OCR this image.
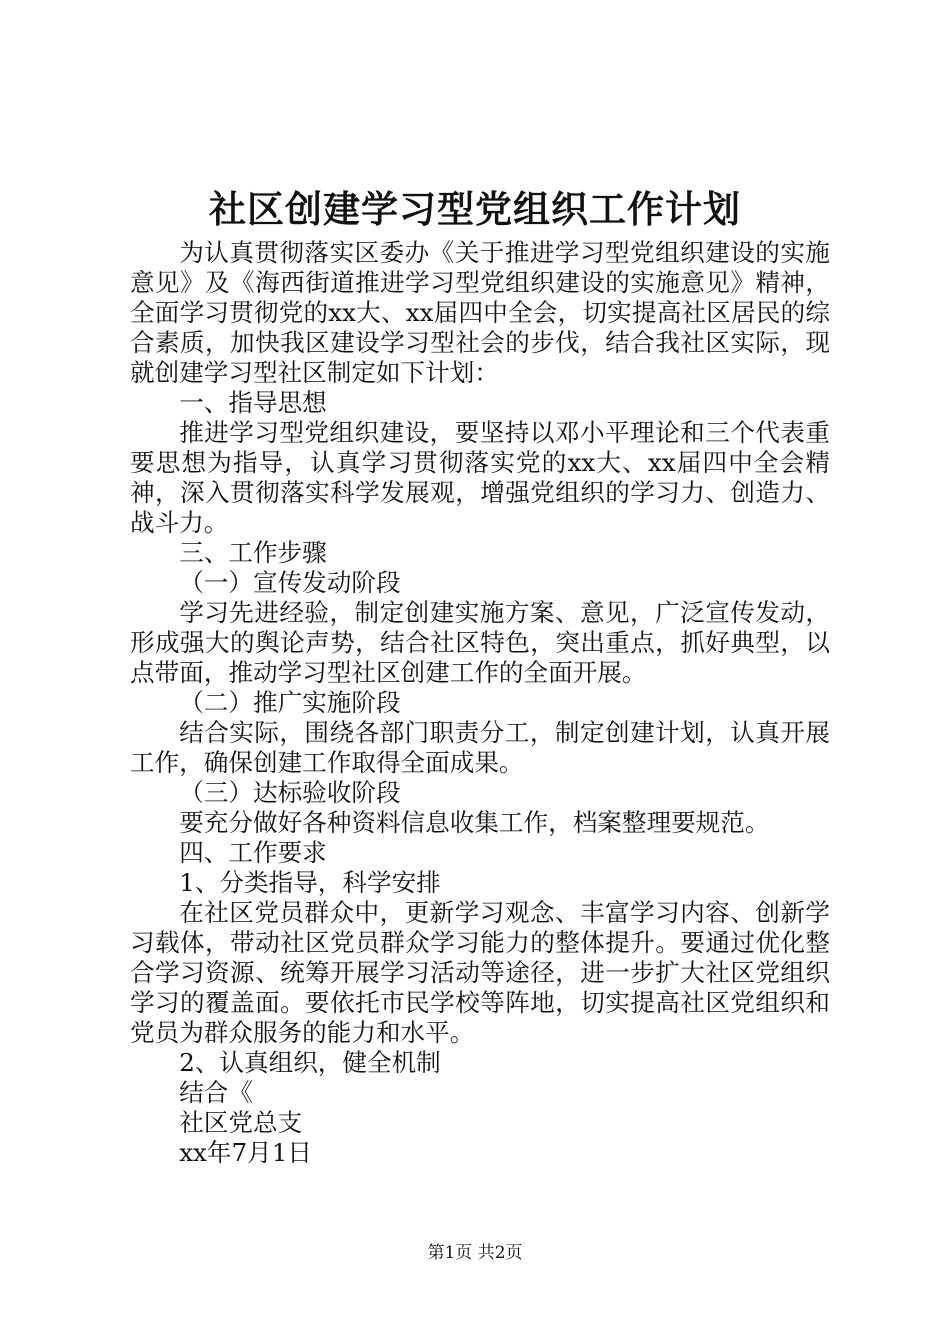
社区创建学习型党组织工作计划

为认真贯彻落实区委办《关于推进学习型党组织建设的实施意见》及《海西街道推进学习型党组织建设的实施意见》精神，全面学习贯彻党的xx大、xx届四中全会，切实提高社区居民的综合素质，加快我区建设学习型社会的步伐，结合我社区实际，现就创建学习型社区制定如下计划：

一、指导思想

推进学习型党组织建设，要坚持以邓小平理论和三个代表重要思想为指导，认真学习贯彻落实党的xx大、xx届四中全会精神，深入贯彻落实科学发展观，增强党组织的学习力、创造力、战斗力。

三、工作步骤

（一）宣传发动阶段

学习先进经验，制定创建实施方案、意见，广泛宣传发动，形成强大的舆论声势，结合社区特色，突出重点，抓好典型，以点带面，推动学习型社区创建工作的全面开展。

（二）推广实施阶段

结合实际，围绕各部门职责分工，制定创建计划，认真开展工作，确保创建工作取得全面成果。

（三）达标验收阶段

要充分做好各种资料信息收集工作，档案整理要规范。

四、工作要求

1、分类指导，科学安排

在社区党员群众中，更新学习观念、丰富学习内容、创新学习载体，带动社区党员群众学习能力的整体提升。要通过优化整合学习资源、统筹开展学习活动等途径，进一步扩大社区党组织学习的覆盖面。要依托市民学校等阵地，切实提高社区党组织和党员为群众服务的能力和水平。

2、认真组织，健全机制

结合《

社区党总支

xx年7月1日

第1页 共2页
